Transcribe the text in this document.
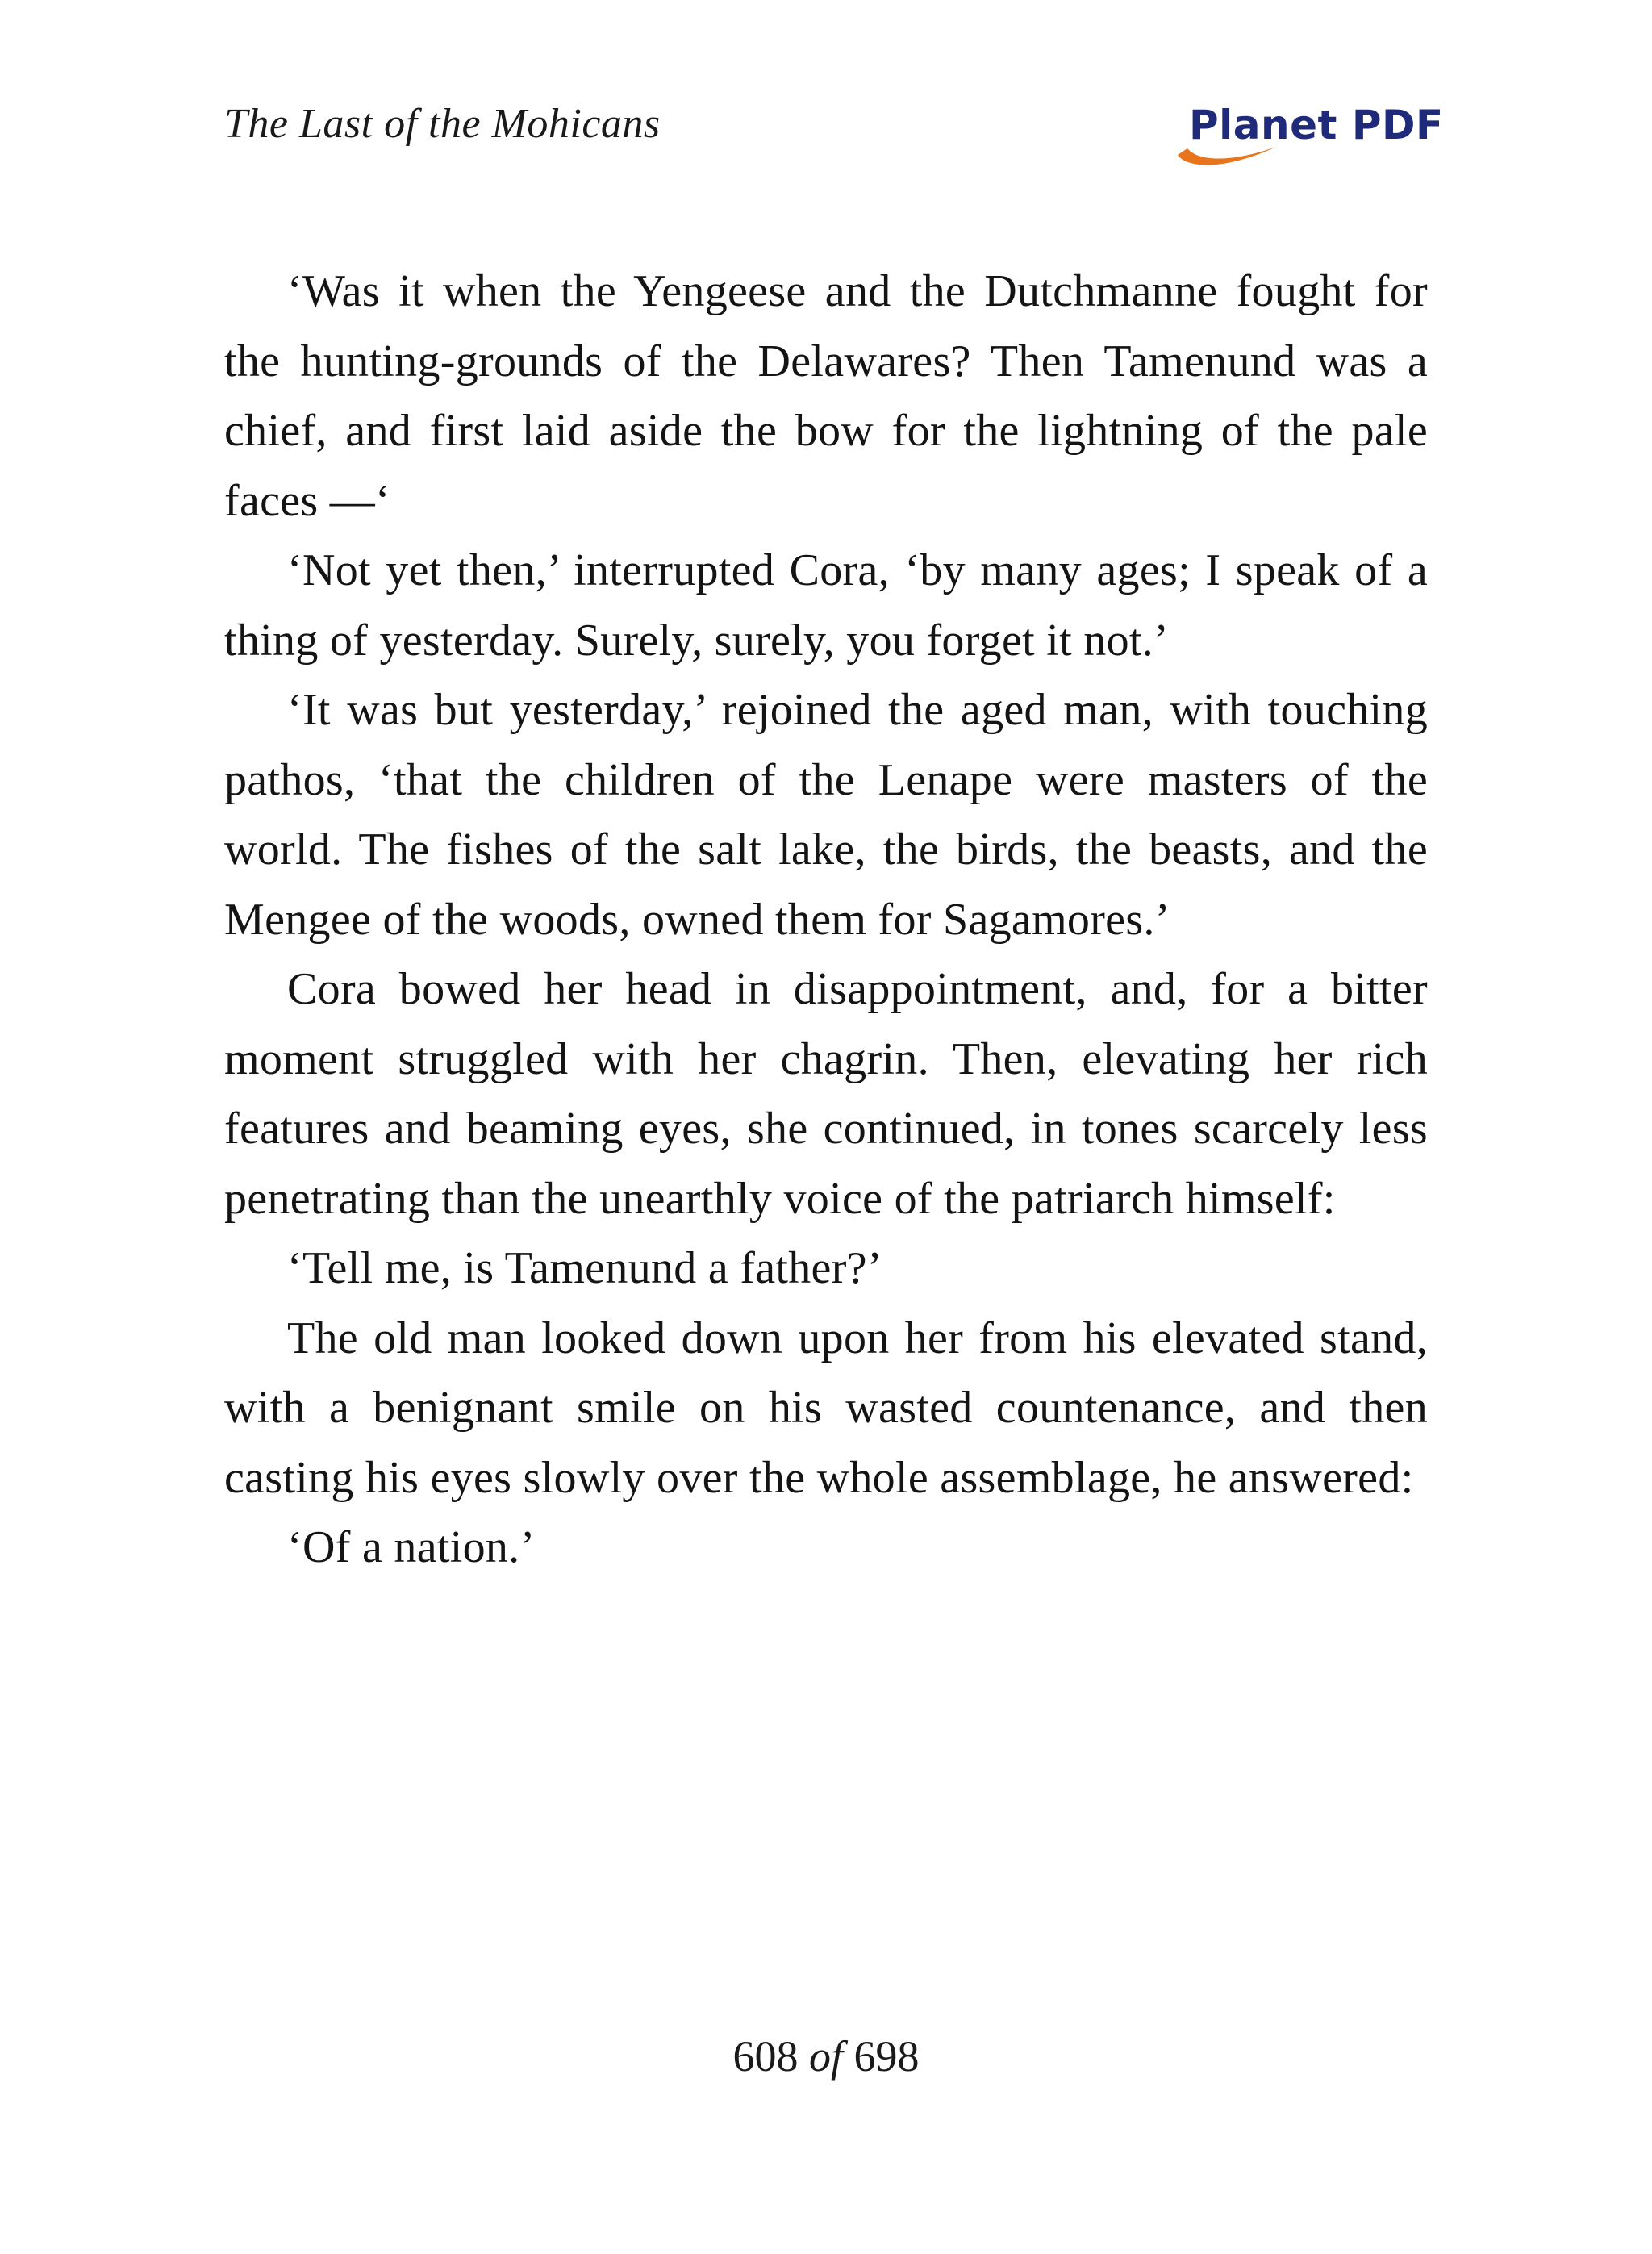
The Last of the Mohicans	Planet PDF

‘Was it when the Yengeese and the Dutchmanne fought for the hunting-grounds of the Delawares? Then Tamenund was a chief, and first laid aside the bow for the lightning of the pale faces —‘

‘Not yet then,’ interrupted Cora, ‘by many ages; I speak of a thing of yesterday. Surely, surely, you forget it not.’

‘It was but yesterday,’ rejoined the aged man, with touching pathos, ‘that the children of the Lenape were masters of the world. The fishes of the salt lake, the birds, the beasts, and the Mengee of the woods, owned them for Sagamores.’

Cora bowed her head in disappointment, and, for a bitter moment struggled with her chagrin. Then, elevating her rich features and beaming eyes, she continued, in tones scarcely less penetrating than the unearthly voice of the patriarch himself:

‘Tell me, is Tamenund a father?’

The old man looked down upon her from his elevated stand, with a benignant smile on his wasted countenance, and then casting his eyes slowly over the whole assemblage, he answered:

‘Of a nation.’

608 of 698
